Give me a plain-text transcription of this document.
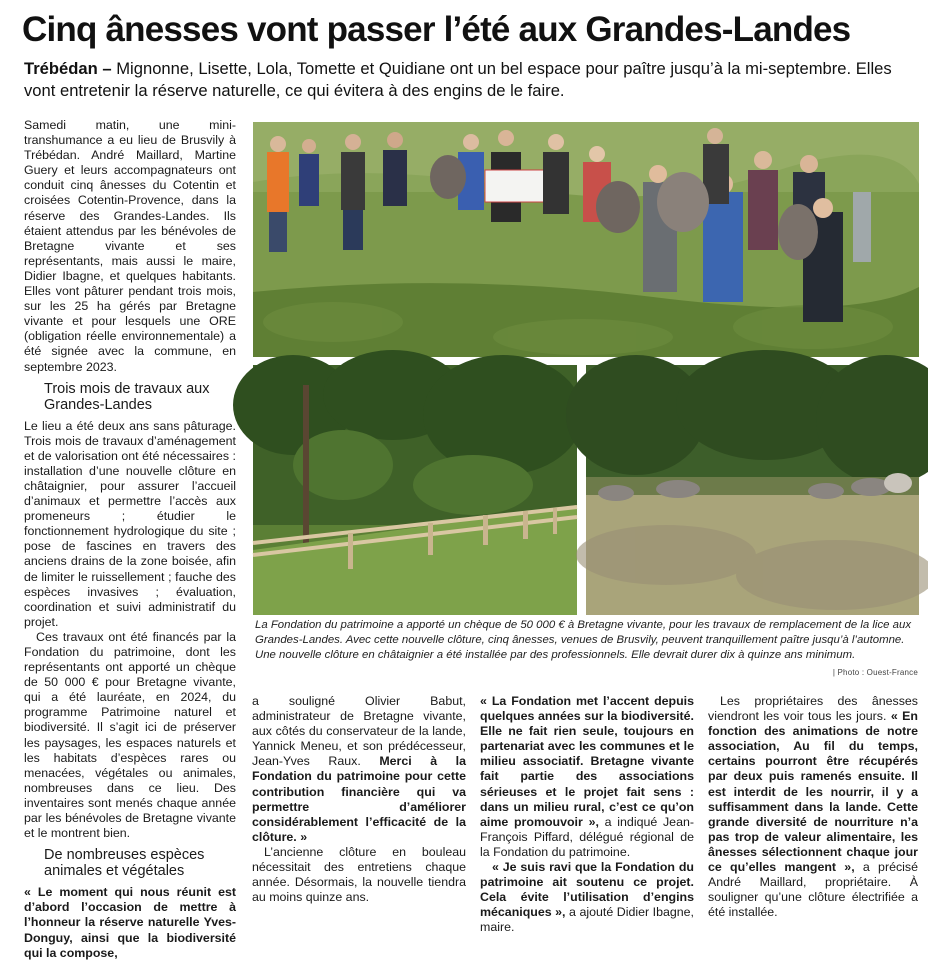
Cinq ânesses vont passer l’été aux Grandes-Landes

Trébédan – Mignonne, Lisette, Lola, Tomette et Quidiane ont un bel espace pour paître jusqu’à la mi-septembre. Elles vont entretenir la réserve naturelle, ce qui évitera à des engins de le faire.

Samedi matin, une mini-transhumance a eu lieu de Brusvily à Trébédan. André Maillard, Martine Guery et leurs accompagnateurs ont conduit cinq ânesses du Cotentin et croisées Cotentin-Provence, dans la réserve des Grandes-Landes. Ils étaient attendus par les bénévoles de Bretagne vivante et ses représentants, mais aussi le maire, Didier Ibagne, et quelques habitants. Elles vont pâturer pendant trois mois, sur les 25 ha gérés par Bretagne vivante et pour lesquels une ORE (obligation réelle environnementale) a été signée avec la commune, en septembre 2023.

Trois mois de travaux aux Grandes-Landes

Le lieu a été deux ans sans pâturage. Trois mois de travaux d’aménagement et de valorisation ont été nécessaires : installation d’une nouvelle clôture en châtaignier, pour assurer l’accueil d’animaux et permettre l’accès aux promeneurs ; étudier le fonctionnement hydrologique du site ; pose de fascines en travers des anciens drains de la zone boisée, afin de limiter le ruissellement ; fauche des espèces invasives ; évaluation, coordination et suivi administratif du projet.

Ces travaux ont été financés par la Fondation du patrimoine, dont les représentants ont apporté un chèque de 50 000 € pour Bretagne vivante, qui a été lauréate, en 2024, du programme Patrimoine naturel et biodiversité. Il s’agit ici de préserver les paysages, les espaces naturels et les habitats d’espèces rares ou menacées, végétales ou animales, nombreuses dans ce lieu. Des inventaires sont menés chaque année par les bénévoles de Bretagne vivante et le montrent bien.

De nombreuses espèces animales et végétales

« Le moment qui nous réunit est d’abord l’occasion de mettre à l’honneur la réserve naturelle Yves-Donguy, ainsi que la biodiversité qui la compose,

La Fondation du patrimoine a apporté un chèque de 50 000 € à Bretagne vivante, pour les travaux de remplacement de la lice aux Grandes-Landes. Avec cette nouvelle clôture, cinq ânesses, venues de Brusvily, peuvent tranquillement paître jusqu’à l’automne. Une nouvelle clôture en châtaignier a été installée par des professionnels. Elle devrait durer dix à quinze ans minimum.

| Photo : Ouest-France

a souligné Olivier Babut, administrateur de Bretagne vivante, aux côtés du conservateur de la lande, Yannick Meneu, et son prédécesseur, Jean-Yves Raux. Merci à la Fondation du patrimoine pour cette contribution financière qui va permettre d’améliorer considérablement l’efficacité de la clôture. »

L’ancienne clôture en bouleau nécessitait des entretiens chaque année. Désormais, la nouvelle tiendra au moins quinze ans.

« La Fondation met l’accent depuis quelques années sur la biodiversité. Elle ne fait rien seule, toujours en partenariat avec les communes et le milieu associatif. Bretagne vivante fait partie des associations sérieuses et le projet fait sens : dans un milieu rural, c’est ce qu’on aime promouvoir », a indiqué Jean-François Piffard, délégué régional de la Fondation du patrimoine.

« Je suis ravi que la Fondation du patrimoine ait soutenu ce projet. Cela évite l’utilisation d’engins mécaniques », a ajouté Didier Ibagne, maire.

Les propriétaires des ânesses viendront les voir tous les jours. « En fonction des animations de notre association, Au fil du temps, certains pourront être récupérés par deux puis ramenés ensuite. Il est interdit de les nourrir, il y a suffisamment dans la lande. Cette grande diversité de nourriture n’a pas trop de valeur alimentaire, les ânesses sélectionnent chaque jour ce qu’elles mangent », a précisé André Maillard, propriétaire. À souligner qu’une clôture électrifiée a été installée.
